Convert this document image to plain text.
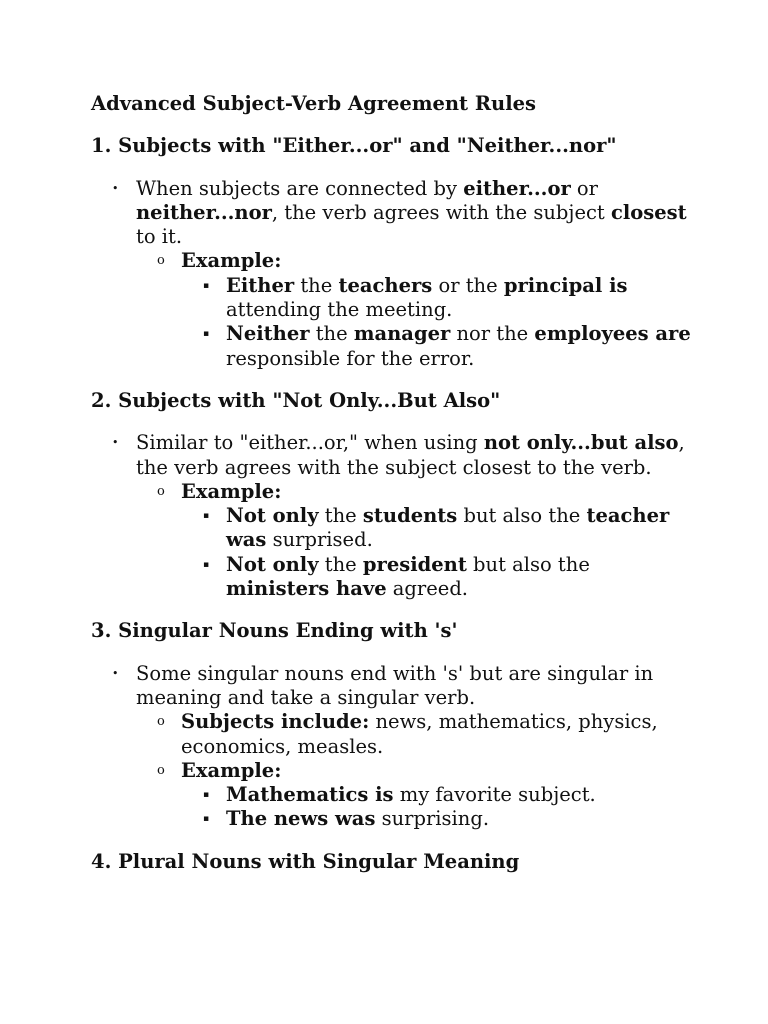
Advanced Subject-Verb Agreement Rules
1. Subjects with "Either...or" and "Neither...nor"
• When subjects are connected by either...or or neither...nor, the verb agrees with the subject closest to it.
o Example:
▪ Either the teachers or the principal is attending the meeting.
▪ Neither the manager nor the employees are responsible for the error.
2. Subjects with "Not Only...But Also"
• Similar to "either...or," when using not only...but also, the verb agrees with the subject closest to the verb.
o Example:
▪ Not only the students but also the teacher was surprised.
▪ Not only the president but also the ministers have agreed.
3. Singular Nouns Ending with 's'
• Some singular nouns end with 's' but are singular in meaning and take a singular verb.
o Subjects include: news, mathematics, physics, economics, measles.
o Example:
▪ Mathematics is my favorite subject.
▪ The news was surprising.
4. Plural Nouns with Singular Meaning
